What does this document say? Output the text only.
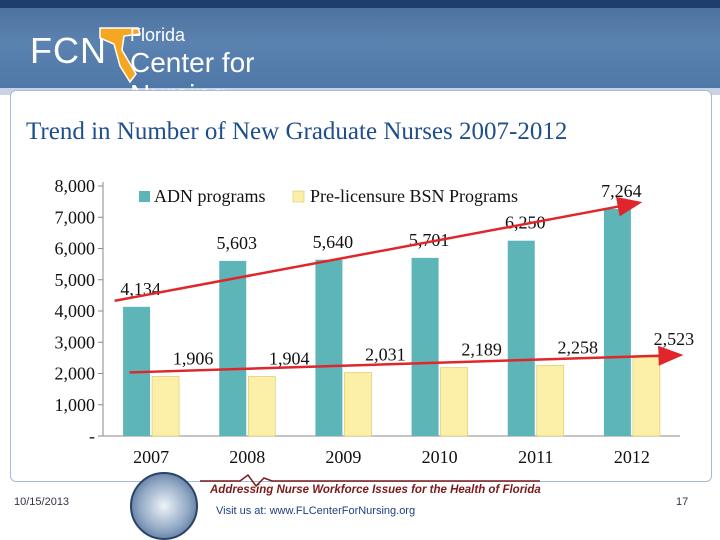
FCN Florida
Center for
Trend in Number of New Graduate Nurses 2007-2012
-
1,000
2,000
3,000
4,000
5,000
6,000
7,000
8,000
2007
4,134
1,906
2008
5,603
1,904
2009
5,640
2,031
2010
5,701
2,189
2011
6,250
2,258
2012
7,264
2,523
ADN programs Pre-licensure BSN Programs
Addressing Nurse Workforce Issues for the Health of Florida
Visit us at: www.FLCenterForNursing.org
10/15/2013	17
